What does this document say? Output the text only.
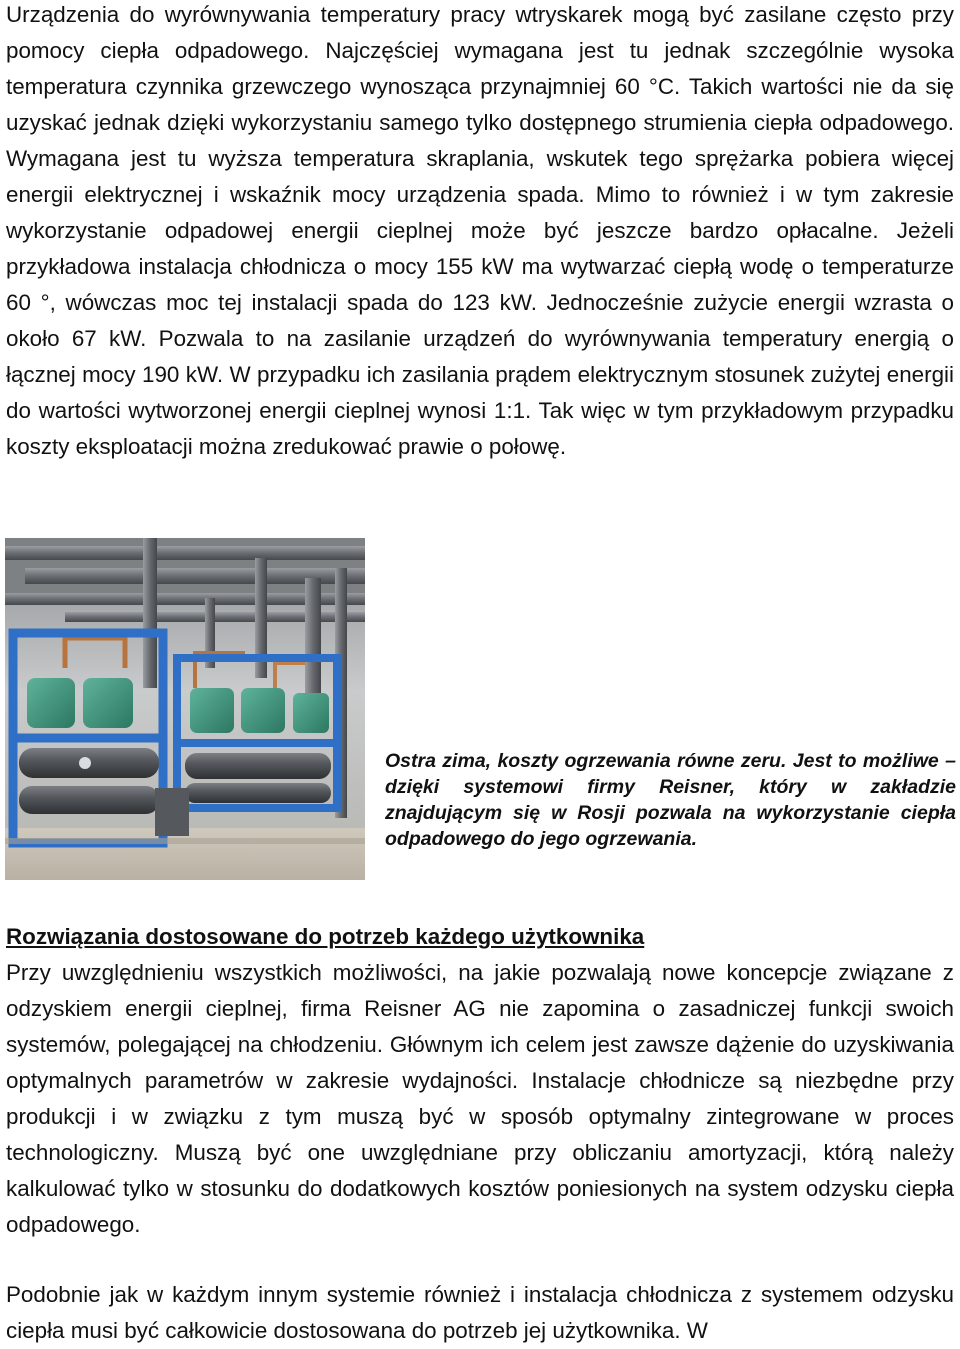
Urządzenia do wyrównywania temperatury pracy wtryskarek mogą być zasilane często przy pomocy ciepła odpadowego. Najczęściej wymagana jest tu jednak szczególnie wysoka temperatura czynnika grzewczego wynosząca przynajmniej 60 °C. Takich wartości nie da się uzyskać jednak dzięki wykorzystaniu samego tylko dostępnego strumienia ciepła odpadowego. Wymagana jest tu wyższa temperatura skraplania, wskutek tego sprężarka pobiera więcej energii elektrycznej i wskaźnik mocy urządzenia spada. Mimo to również i w tym zakresie wykorzystanie odpadowej energii cieplnej może być jeszcze bardzo opłacalne. Jeżeli przykładowa instalacja chłodnicza o mocy 155 kW ma wytwarzać ciepłą wodę o temperaturze 60 °, wówczas moc tej instalacji spada do 123 kW. Jednocześnie zużycie energii wzrasta o około 67 kW. Pozwala to na zasilanie urządzeń do wyrównywania temperatury energią o łącznej mocy 190 kW. W przypadku ich zasilania prądem elektrycznym stosunek zużytej energii do wartości wytworzonej energii cieplnej wynosi 1:1. Tak więc w tym przykładowym przypadku koszty eksploatacji można zredukować prawie o połowę.

Ostra zima, koszty ogrzewania równe zeru. Jest to możliwe – dzięki systemowi firmy Reisner, który w zakładzie znajdującym się w Rosji pozwala na wykorzystanie ciepła odpadowego do jego ogrzewania.

Rozwiązania dostosowane do potrzeb każdego użytkownika

Przy uwzględnieniu wszystkich możliwości, na jakie pozwalają nowe koncepcje związane z odzyskiem energii cieplnej, firma Reisner AG nie zapomina o zasadniczej funkcji swoich systemów, polegającej na chłodzeniu. Głównym ich celem jest zawsze dążenie do uzyskiwania optymalnych parametrów w zakresie wydajności. Instalacje chłodnicze są niezbędne przy produkcji i w związku z tym muszą być w sposób optymalny zintegrowane w proces technologiczny. Muszą być one uwzględniane przy obliczaniu amortyzacji, którą należy kalkulować tylko w stosunku do dodatkowych kosztów poniesionych na system odzysku ciepła odpadowego.

Podobnie jak w każdym innym systemie również i instalacja chłodnicza z systemem odzysku ciepła musi być całkowicie dostosowana do potrzeb jej użytkownika. W
